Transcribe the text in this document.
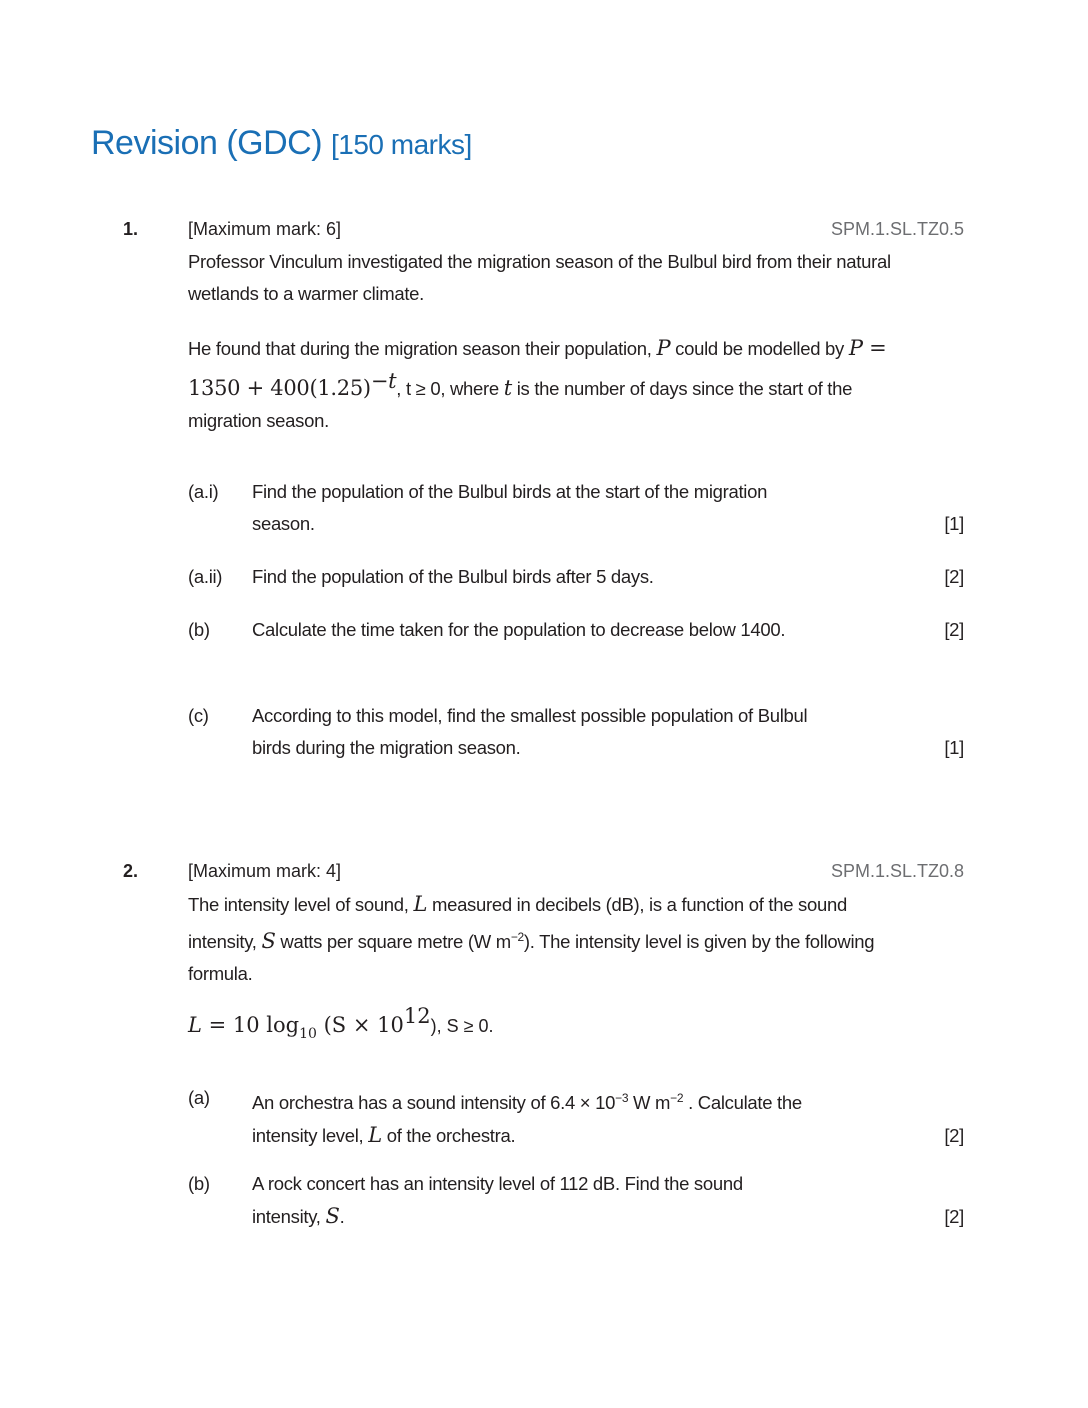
Revision (GDC) [150 marks]
1.	[Maximum mark: 6]	SPM.1.SL.TZ0.5
Professor Vinculum investigated the migration season of the Bulbul bird from their natural wetlands to a warmer climate.
He found that during the migration season their population, P could be modelled by $P = 1350 + 400(1.25)^{-t}$, t ≥ 0, where t is the number of days since the start of the migration season.
(a.i) Find the population of the Bulbul birds at the start of the migration season.	[1]
(a.ii) Find the population of the Bulbul birds after 5 days.	[2]
(b) Calculate the time taken for the population to decrease below 1400.	[2]
(c) According to this model, find the smallest possible population of Bulbul birds during the migration season.	[1]
2.	[Maximum mark: 4]	SPM.1.SL.TZ0.8
The intensity level of sound, L measured in decibels (dB), is a function of the sound intensity, S watts per square metre (W $m^{-2}$). The intensity level is given by the following formula.
L = 10 $\log_{10} (S \times 10^{12})$, S ≥ 0.
(a) An orchestra has a sound intensity of $6.4 \times 10^{-3}$ W $m^{-2}$ . Calculate the intensity level, L of the orchestra.	[2]
(b) A rock concert has an intensity level of 112 dB. Find the sound intensity, S.	[2]
